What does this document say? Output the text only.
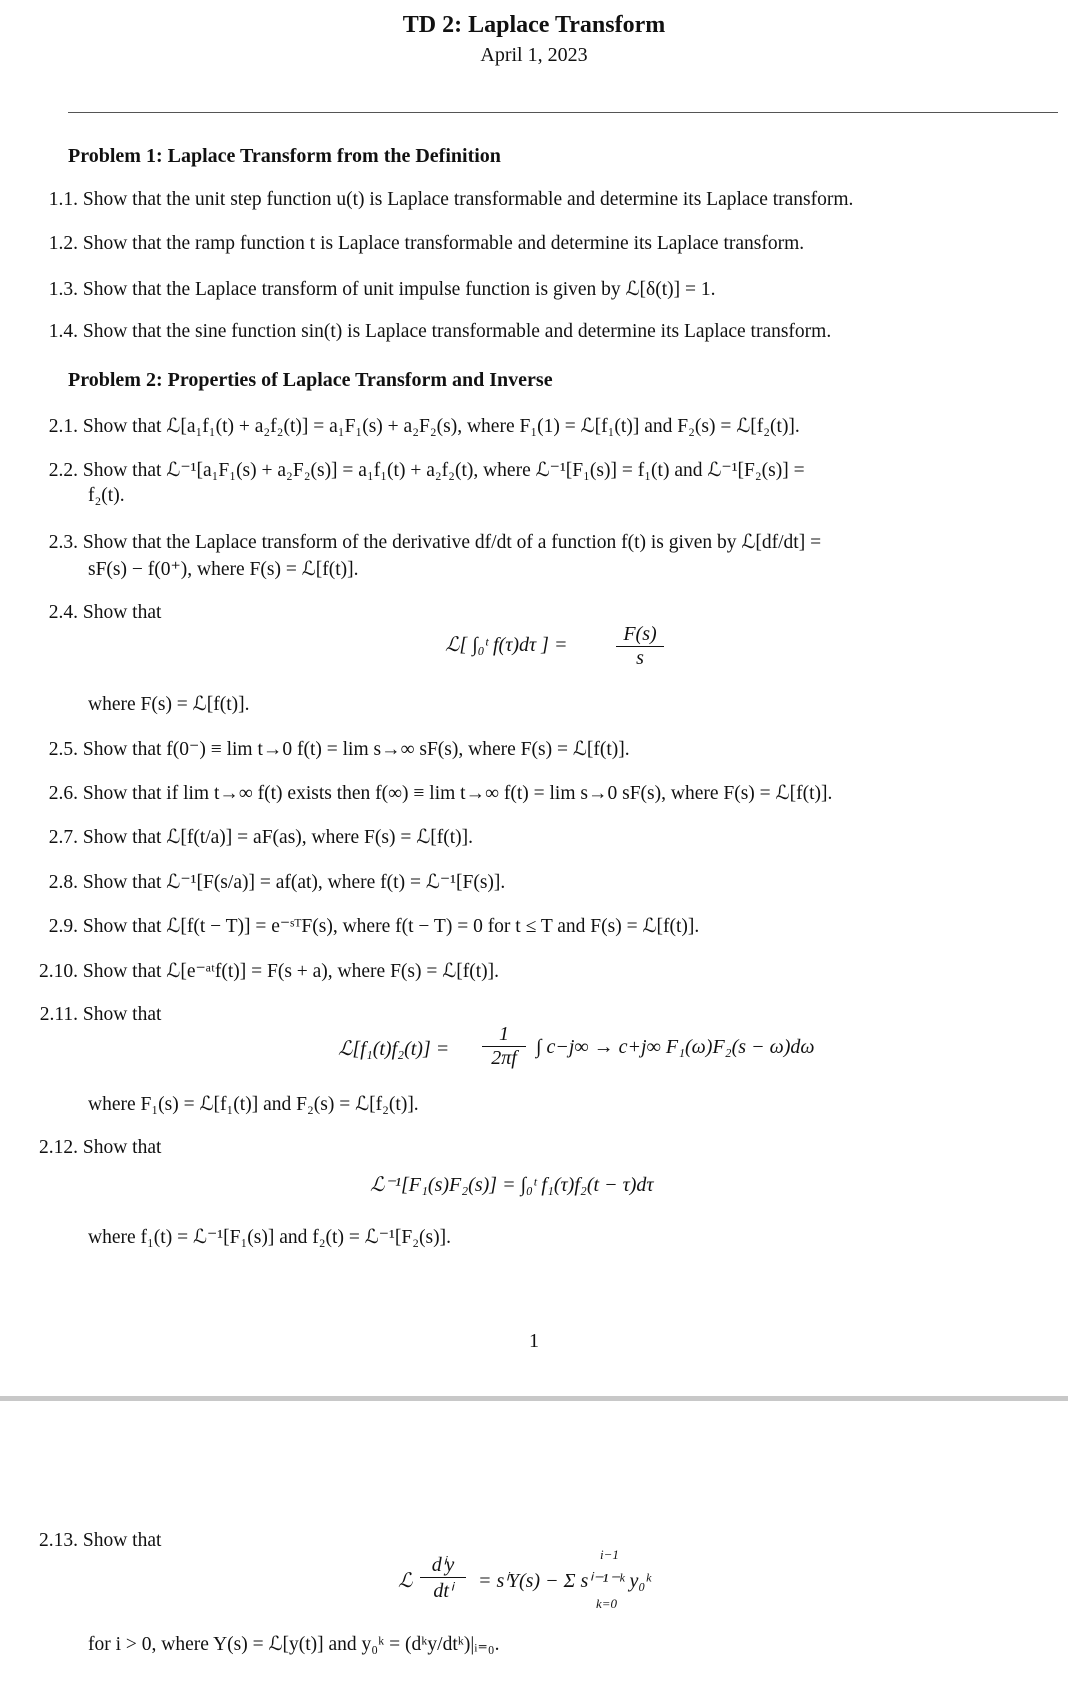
TD 2: Laplace Transform
April 1, 2023
Problem 1: Laplace Transform from the Definition
1.1. Show that the unit step function u(t) is Laplace transformable and determine its Laplace transform.
1.2. Show that the ramp function t is Laplace transformable and determine its Laplace transform.
1.3. Show that the Laplace transform of unit impulse function is given by ℒ[δ(t)] = 1.
1.4. Show that the sine function sin(t) is Laplace transformable and determine its Laplace transform.
Problem 2: Properties of Laplace Transform and Inverse
2.1. Show that ℒ[a₁f₁(t) + a₂f₂(t)] = a₁F₁(s) + a₂F₂(s), where F₁(1) = ℒ[f₁(t)] and F₂(s) = ℒ[f₂(t)].
2.2. Show that ℒ⁻¹[a₁F₁(s) + a₂F₂(s)] = a₁f₁(t) + a₂f₂(t), where ℒ⁻¹[F₁(s)] = f₁(t) and ℒ⁻¹[F₂(s)] =
f₂(t).
2.3. Show that the Laplace transform of the derivative df/dt of a function f(t) is given by ℒ[df/dt] =
sF(s) − f(0⁺), where F(s) = ℒ[f(t)].
2.4. Show that
ℒ[ ∫₀ᵗ f(τ)dτ ] = $\frac{F(s)}{s}$
where F(s) = ℒ[f(t)].
2.5. Show that f(0⁻) ≡ lim t→0 f(t) = lim s→∞ sF(s), where F(s) = ℒ[f(t)].
2.6. Show that if lim t→∞ f(t) exists then f(∞) ≡ lim t→∞ f(t) = lim s→0 sF(s), where F(s) = ℒ[f(t)].
2.7. Show that ℒ[f(t/a)] = aF(as), where F(s) = ℒ[f(t)].
2.8. Show that ℒ⁻¹[F(s/a)] = af(at), where f(t) = ℒ⁻¹[F(s)].
2.9. Show that ℒ[f(t − T)] = e⁻ˢᵀF(s), where f(t − T) = 0 for t ≤ T and F(s) = ℒ[f(t)].
2.10. Show that ℒ[e⁻ᵃᵗf(t)] = F(s + a), where F(s) = ℒ[f(t)].
2.11. Show that
ℒ[f₁(t)f₂(t)] = $\frac{1}{2\pi f}$ ∫ c−j∞ → c+j∞ F₁(ω)F₂(s − ω)dω
where F₁(s) = ℒ[f₁(t)] and F₂(s) = ℒ[f₂(t)].
2.12. Show that
ℒ⁻¹[F₁(s)F₂(s)] = ∫₀ᵗ f₁(τ)f₂(t − τ)dτ
where f₁(t) = ℒ⁻¹[F₁(s)] and f₂(t) = ℒ⁻¹[F₂(s)].
1
2.13. Show that
ℒ
dⁱy
dtⁱ
i−1
= sⁱY(s) − Σ sⁱ⁻¹⁻ᵏ y₀ᵏ
k=0
for i > 0, where Y(s) = ℒ[y(t)] and y₀ᵏ = (dᵏy/dtᵏ)|ᵢ₌₀.
